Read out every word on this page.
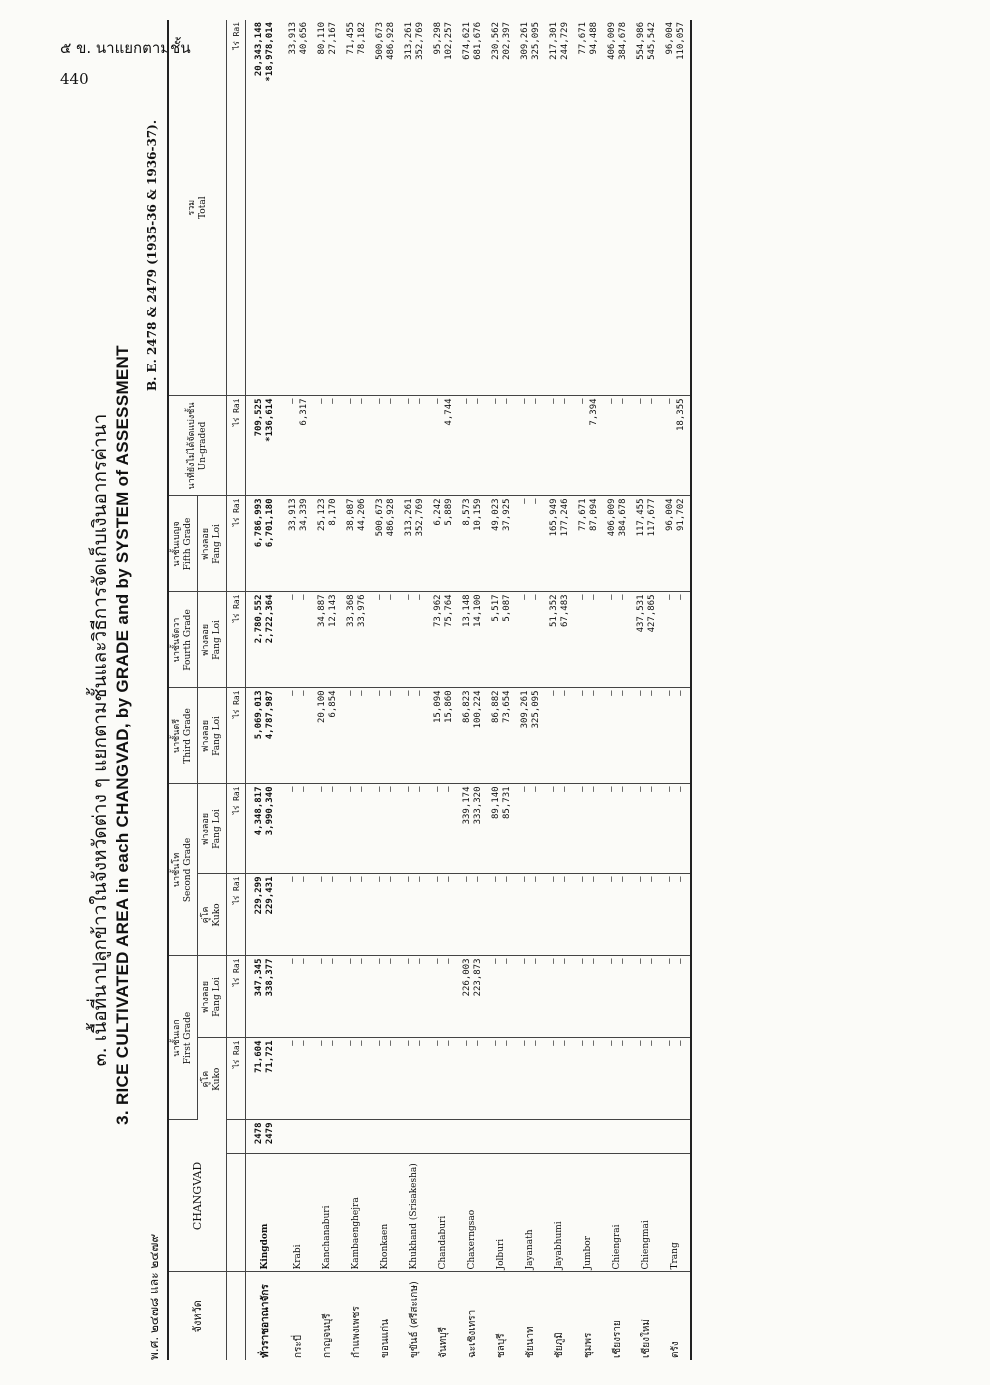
๕ ข. นาแยกตามชั้น
440
๓. เนื้อที่นาปลูกข้าวในจังหวัดต่าง ๆ แยกตามชั้นและวิธีการจัดเก็บเงินอากรค่านา 3. RICE CULTIVATED AREA in each CHANGVAD, by GRADE and by SYSTEM of ASSESSMENT
พ.ศ. ๒๔๗๘ และ ๒๔๗๙
B. E. 2478 & 2479 (1935-36 & 1936-37).
จังหวัด	CHANGVAD		นาชั้นเอก First Grade		นาชั้นโท Second Grade		นาชั้นตรี Third Grade	นาชั้นจัตวา Fourth Grade	นาชั้นเบญจ Fifth Grade	นาที่ยังไม่ได้จัดแบ่งชั้น Un-graded	รวม Total

			คู่โค Kuko	ฟางลอย Fang Loi	คู่โค Kuko	ฟางลอย Fang Loi	ฟางลอย Fang Loi	ฟางลอย Fang Loi	ฟางลอย Fang Loi		

			ไร่ Rai	ไร่ Rai	ไร่ Rai	ไร่ Rai	ไร่ Rai	ไร่ Rai	ไร่ Rai	ไร่ Rai	ไร่ Rai
ทั่วราชอาณาจักร	Kingdom	2478 2479	71,604 71,721	347,345 338,377	229,299 229,431	4,348,817 3,990,340	5,069,013 4,787,987	2,780,552 2,722,364	6,786,993 6,701,180	709,525 *136,614	20,343,148 *18,978,014

กระบี่	Krabi		— —	— —	— —	— —	— —	— —	33,913 34,339	— 6,317	33,913 40,656

กาญจนบุรี	Kanchanaburi		— —	— —	— —	— —	20,100 6,854	34,887 12,143	25,123 8,170	— —	80,110 27,167

กำแพงเพชร	Kambaenghejra		— —	— —	— —	— —	— —	33,368 33,976	38,087 44,206	— —	71,455 78,182

ขอนแก่น	Khonkaen		— —	— —	— —	— —	— —	— —	500,673 486,928	— —	500,673 486,928

ขุขันธ์ (ศรีสะเกษ)	Khukhand (Srisakesha)		— —	— —	— —	— —	— —	— —	313,261 352,769	— —	313,261 352,769

จันทบุรี	Chandaburi		— —	— —	— —	— —	15,094 15,860	73,962 75,764	6,242 5,889	— 4,744	95,298 102,257

ฉะเชิงเทรา	Chaxerngsao		— —	226,003 223,873	— —	339,174 333,320	86,823 100,224	13,148 14,100	8,573 10,159	— —	674,621 681,676

ชลบุรี	Jolburi		— —	— —	— —	89,140 85,731	86,882 73,654	5,517 5,087	49,023 37,925	— —	230,562 202,397

ชัยนาท	Jayanath		— —	— —	— —	— —	309,261 325,095	— —	— —	— —	309,261 325,095

ชัยภูมิ	Jayabhumi		— —	— —	— —	— —	— —	51,352 67,483	165,949 177,246	— —	217,301 244,729

ชุมพร	Jumbor		— —	— —	— —	— —	— —	— —	77,671 87,094	— 7,394	77,671 94,488

เชียงราย	Chiengrai		— —	— —	— —	— —	— —	— —	406,009 384,678	— —	406,009 384,678

เชียงใหม่	Chiengmai		— —	— —	— —	— —	— —	437,531 427,865	117,455 117,677	— —	554,986 545,542

ตรัง	Trang		— —	— —	— —	— —	— —	— —	96,004 91,702	— 18,355	96,004 110,057
